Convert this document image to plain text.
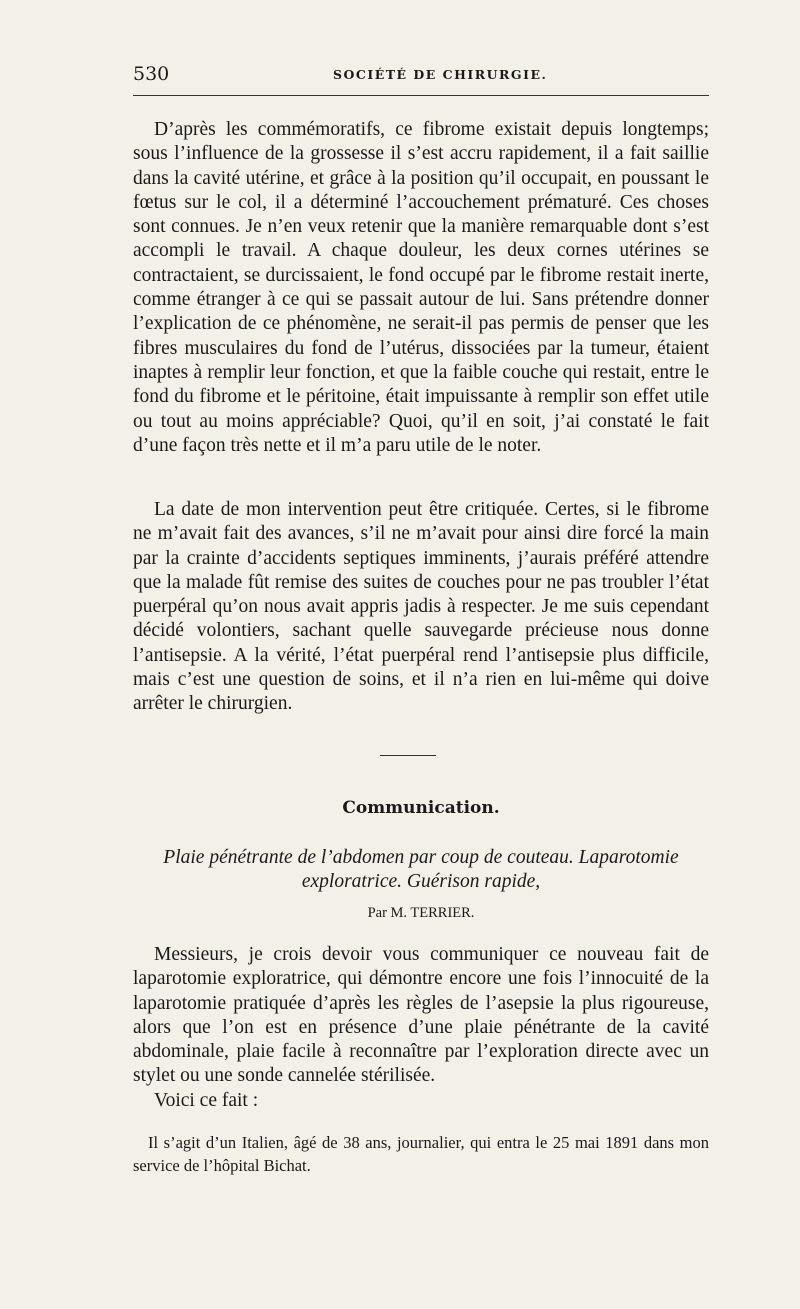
530	SOCIÉTÉ DE CHIRURGIE.

D’après les commémoratifs, ce fibrome existait depuis longtemps; sous l’influence de la grossesse il s’est accru rapidement, il a fait saillie dans la cavité utérine, et grâce à la position qu’il occupait, en poussant le fœtus sur le col, il a déterminé l’accouchement prématuré. Ces choses sont connues. Je n’en veux retenir que la manière remarquable dont s’est accompli le travail. A chaque douleur, les deux cornes utérines se contractaient, se durcissaient, le fond occupé par le fibrome restait inerte, comme étranger à ce qui se passait autour de lui. Sans prétendre donner l’explication de ce phénomène, ne serait-il pas permis de penser que les fibres musculaires du fond de l’utérus, dissociées par la tumeur, étaient inaptes à remplir leur fonction, et que la faible couche qui restait, entre le fond du fibrome et le péritoine, était impuissante à remplir son effet utile ou tout au moins appréciable? Quoi, qu’il en soit, j’ai constaté le fait d’une façon très nette et il m’a paru utile de le noter.

La date de mon intervention peut être critiquée. Certes, si le fibrome ne m’avait fait des avances, s’il ne m’avait pour ainsi dire forcé la main par la crainte d’accidents septiques imminents, j’aurais préféré attendre que la malade fût remise des suites de couches pour ne pas troubler l’état puerpéral qu’on nous avait appris jadis à respecter. Je me suis cependant décidé volontiers, sachant quelle sauvegarde précieuse nous donne l’antisepsie. A la vérité, l’état puerpéral rend l’antisepsie plus difficile, mais c’est une question de soins, et il n’a rien en lui-même qui doive arrêter le chirurgien.

Communication.
Plaie pénétrante de l’abdomen par coup de couteau. Laparotomie
exploratrice. Guérison rapide,
Par M. TERRIER.

Messieurs, je crois devoir vous communiquer ce nouveau fait de laparotomie exploratrice, qui démontre encore une fois l’innocuité de la laparotomie pratiquée d’après les règles de l’asepsie la plus rigoureuse, alors que l’on est en présence d’une plaie pénétrante de la cavité abdominale, plaie facile à reconnaître par l’exploration directe avec un stylet ou une sonde cannelée stérilisée.

Voici ce fait :

Il s’agit d’un Italien, âgé de 38 ans, journalier, qui entra le 25 mai 1891 dans mon service de l’hôpital Bichat.
